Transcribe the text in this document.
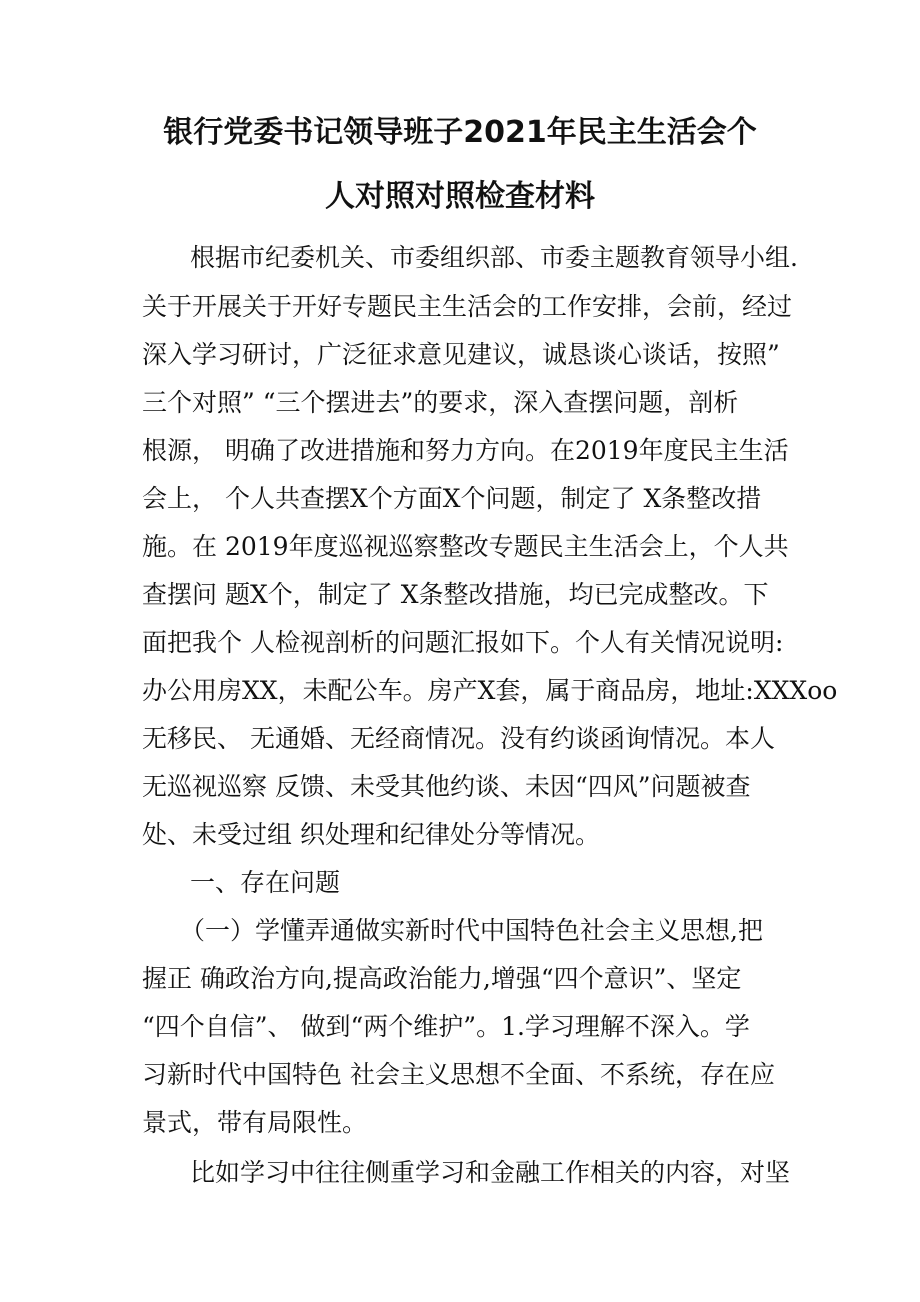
银行党委书记领导班子2021年民主生活会个
人对照对照检查材料
根据市纪委机关、市委组织部、市委主题教育领导小组.
关于开展关于开好专题民主生活会的工作安排，会前，经过
深入学习研讨，广泛征求意见建议，诚恳谈心谈话，按照”
三个对照” “三个摆进去”的要求，深入查摆问题，剖析
根源， 明确了改进措施和努力方向。在2019年度民主生活
会上， 个人共查摆X个方面X个问题，制定了 X条整改措
施。在 2019年度巡视巡察整改专题民主生活会上，个人共
查摆问 题X个，制定了 X条整改措施，均已完成整改。下
面把我个 人检视剖析的问题汇报如下。个人有关情况说明:
办公用房XX，未配公车。房产X套，属于商品房，地址:XXXoo
无移民、 无通婚、无经商情况。没有约谈函询情况。本人
无巡视巡察 反馈、未受其他约谈、未因“四风”问题被查
处、未受过组 织处理和纪律处分等情况。
一、存在问题
（一）学懂弄通做实新时代中国特色社会主义思想,把
握正 确政治方向,提高政治能力,增强“四个意识”、坚定
“四个自信”、 做到“两个维护”。1.学习理解不深入。学
习新时代中国特色 社会主义思想不全面、不系统，存在应
景式，带有局限性。
比如学习中往往侧重学习和金融工作相关的内容，对坚
